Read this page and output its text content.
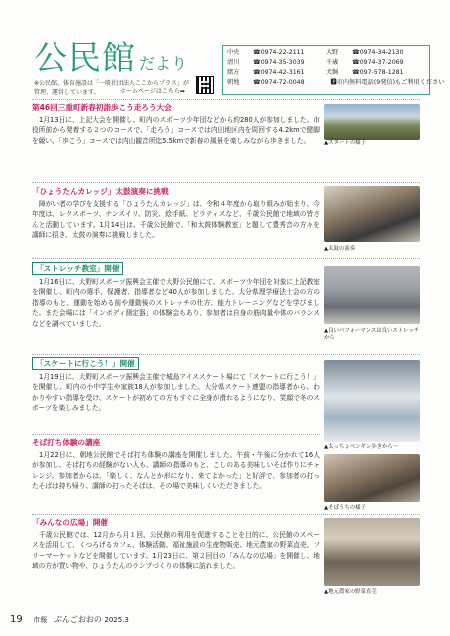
公民館 だより
※公民館、体育施設は「一般社団法人ここからプラス」が管理、運営しています。	ホームページはこちら➡
中央	☎0974-22-2111	大野	☎0974-34-2130
清川	☎0974-35-3039	千歳	☎0974-37-2069
緒方	☎0974-42-3161	犬飼	☎097-578-1281
朝地	☎0974-72-0048	🅿市内無料電話(9発信)もご利用ください
第46回三重町新春初詣歩こう走ろう大会

1月13日に、上記大会を開催し、町内のスポーツ少年団などから約280人が参加しました。市役所前から発着する２つのコースで、「走ろう」コースでは内田地区内を周回する4.2kmで健脚を競い、「歩こう」コースでは内山観音所迄5.5kmで新春の風景を楽しみながら歩きました。	▲スタートの様子
「ひょうたんカレッジ」太鼓演奏に挑戦

障がい者の学びを支援する「ひょうたんカレッジ」は、令和４年度から取り組みが始まり、今年度は、レクスポーツ、ナンスイリ、防災、絵手紙、ピラティスなど、千歳公民館で地域の皆さんと活動しています。1月14日は、千歳公民館で、「和太鼓体験教室」と題して豊秀音の方々を講師に招き、太鼓の演奏に挑戦しました。

▲太鼓の演奏
「ストレッチ教室」開催

1月16日に、大野町スポーツ振興会主催で大野公民館にて、スポーツ少年団を対象に上記教室を開催し、町内の選手、保護者、指導者など40人が参加しました。大分県理学療法士会の方の指導のもと、運動を始める前や運動後のストレッチの仕方、能力トレーニングなどを学びました。また会場には「インボディ測定器」の体験会もあり、参加者は自身の筋肉量や体のバランスなどを調べていました。

▲良いパフォーマンスは良いストレッチから
「スケートに行こう！」開催

1月19日に、大野町スポーツ振興会主催で城島アイススケート場にて「スケートに行こう！」を開催し、町内の小中学生や家族18人が参加しました。大分県スケート連盟の指導者から、わかりやすい指導を受け、スケートが初めての方もすぐに全身が滑れるようになり、笑顔で冬のスポーツを楽しみました。

▲太っちょペンギン歩きから～
そば打ち体験の講座

1月22日に、朝地公民館でそば打ち体験の講座を開催しました。午前・午後に分かれて16人が参加し、そば打ちの経験がない人も、講師の指導のもと、こしのある美味しいそば作りにチャレンジ。参加者からは、「楽しく、なんとか形になり、来てよかった」と好評で、参加者の打ったそばは持ち帰り、講師の打ったそばは、その場で美味しくいただきました。

▲そばうちの様子
「みんなの広場」開催

千歳公民館では、12月から月１回、公民館の利用を促進することを目的に、公民館のスペースを活用して、くつろげるカフェ、体験活動、福祉施設の生産物販売、地元農家の野菜直売、フリーマーケットなどを開催しています。1月23日に、第２回目の「みんなの広場」を開催し、地域の方が買い物や、ひょうたんのランプづくりの体験に訪れました。

▲地元農家の野菜直売
19 市報 ぶんごおおの 2025.3
